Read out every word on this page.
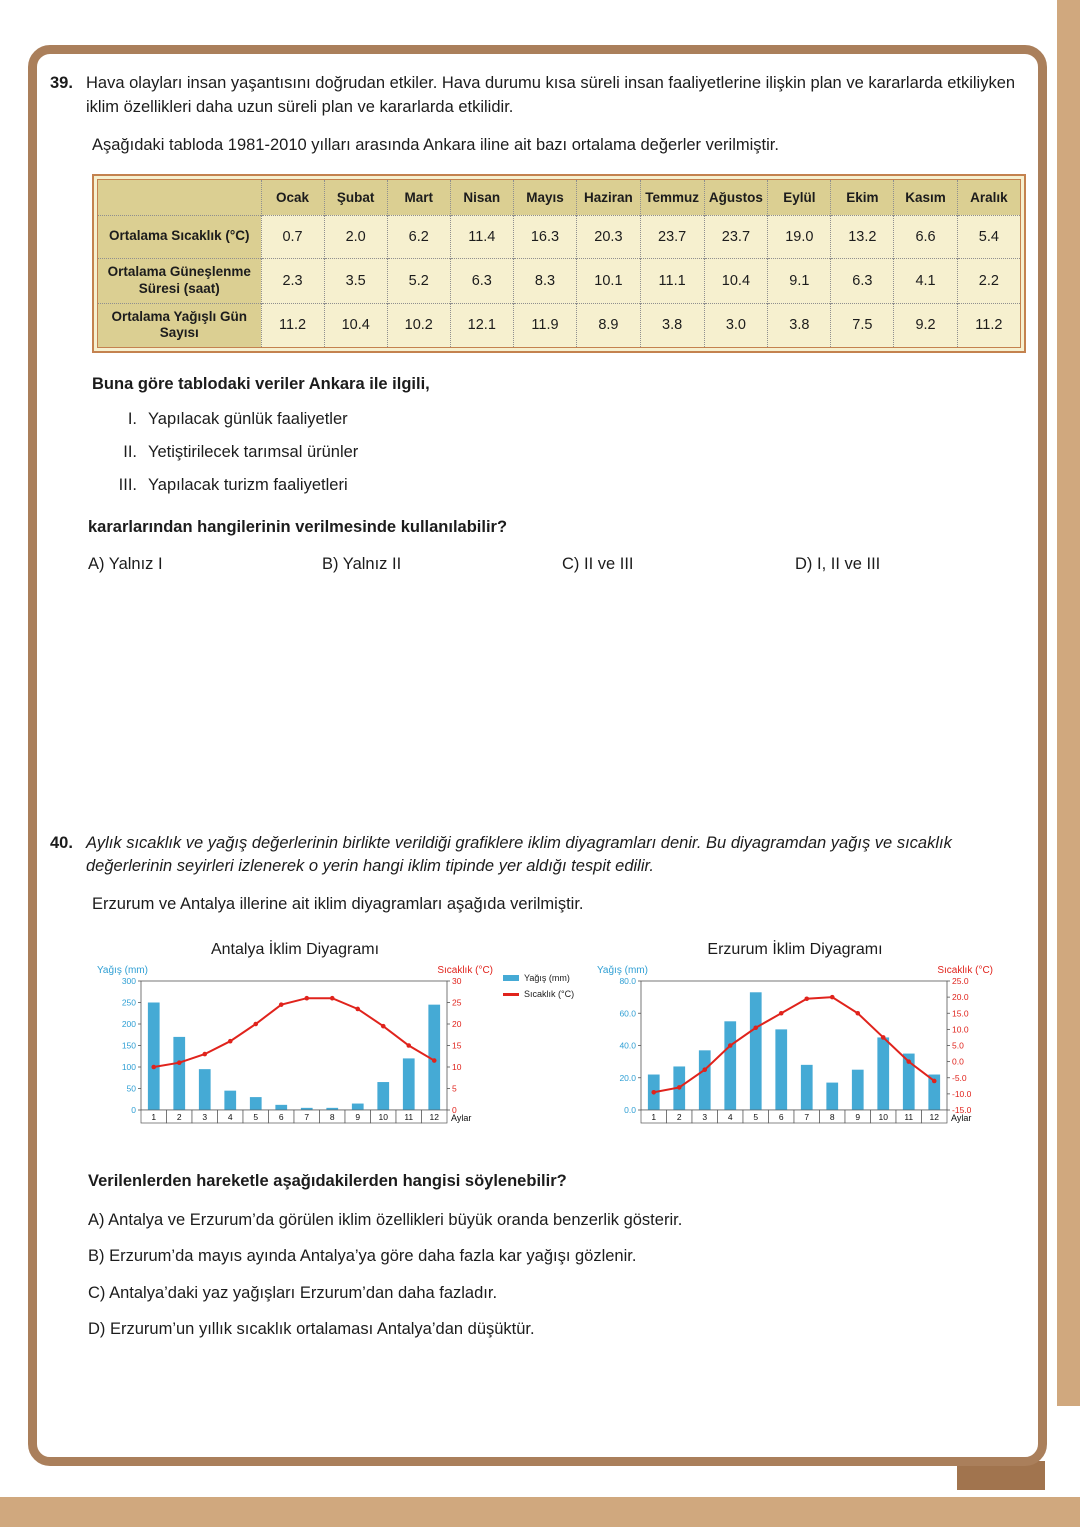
39. Hava olayları insan yaşantısını doğrudan etkiler. Hava durumu kısa süreli insan faaliyetlerine ilişkin plan ve kararlarda etkiliyken iklim özellikleri daha uzun süreli plan ve kararlarda etkilidir.

Aşağıdaki tabloda 1981-2010 yılları arasında Ankara iline ait bazı ortalama değerler verilmiştir.

	Ocak	Şubat	Mart	Nisan	Mayıs	Haziran	Temmuz	Ağustos	Eylül	Ekim	Kasım	Aralık
Ortalama Sıcaklık (°C)	0.7	2.0	6.2	11.4	16.3	20.3	23.7	23.7	19.0	13.2	6.6	5.4
Ortalama Güneşlenme Süresi (saat)	2.3	3.5	5.2	6.3	8.3	10.1	11.1	10.4	9.1	6.3	4.1	2.2
Ortalama Yağışlı Gün Sayısı	11.2	10.4	10.2	12.1	11.9	8.9	3.8	3.0	3.8	7.5	9.2	11.2

Buna göre tablodaki veriler Ankara ile ilgili,

I. Yapılacak günlük faaliyetler
II. Yetiştirilecek tarımsal ürünler
III. Yapılacak turizm faaliyetleri

kararlarından hangilerinin verilmesinde kullanılabilir?

A) Yalnız I	B) Yalnız II	C) II ve III	D) I, II ve III
40. Aylık sıcaklık ve yağış değerlerinin birlikte verildiği grafiklere iklim diyagramları denir. Bu diyagramdan yağış ve sıcaklık değerlerinin seyirleri izlenerek o yerin hangi iklim tipinde yer aldığı tespit edilir.

Erzurum ve Antalya illerine ait iklim diyagramları aşağıda verilmiştir.

Antalya İklim Diyagramı
Yağış (mm)	Sıcaklık (°C)
0
50
100
150
200
250
300
0
5
10
15
20
25
30
1 2 3 4 5 6 7 8 9 10 11 12 Aylar
Yağış (mm)
Sıcaklık (°C)
Erzurum İklim Diyagramı
Yağış (mm)	Sıcaklık (°C)
0.0
20.0
40.0
60.0
80.0
-15.0
-10.0
-5.0
0.0
5.0
10.0
15.0
20.0
25.0
1 2 3 4 5 6 7 8 9 10 11 12 Aylar

Verilenlerden hareketle aşağıdakilerden hangisi söylenebilir?

A) Antalya ve Erzurum’da görülen iklim özellikleri büyük oranda benzerlik gösterir.
B) Erzurum’da mayıs ayında Antalya’ya göre daha fazla kar yağışı gözlenir.
C) Antalya’daki yaz yağışları Erzurum’dan daha fazladır.
D) Erzurum’un yıllık sıcaklık ortalaması Antalya’dan düşüktür.
